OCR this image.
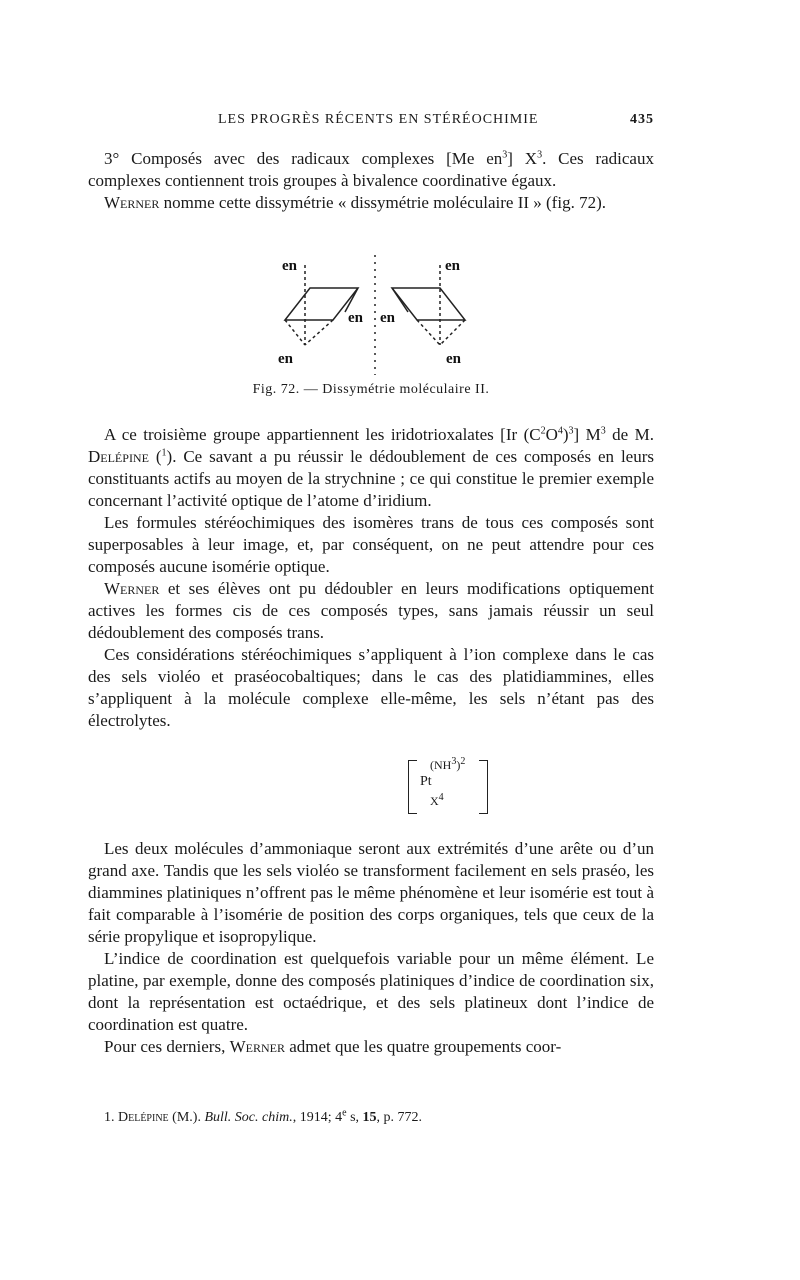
LES PROGRÈS RÉCENTS EN STÉRÉOCHIMIE	435

3° Composés avec des radicaux complexes [Me $en^3$] $X^3$. Ces radicaux complexes contiennent trois groupes à bivalence coordinative égaux.

Werner nomme cette dissymétrie « dissymétrie moléculaire II » (fig. 72).

en	en
en en
en	en
Fig. 72. — Dissymétrie moléculaire II.

A ce troisième groupe appartiennent les iridotrioxalates [Ir $(C^2O^4)^3$] $M^3$ de M. Delépine ($^1$). Ce savant a pu réussir le dédoublement de ces composés en leurs constituants actifs au moyen de la strychnine ; ce qui constitue le premier exemple concernant l’activité optique de l’atome d’iridium.

Les formules stéréochimiques des isomères trans de tous ces composés sont superposables à leur image, et, par conséquent, on ne peut attendre pour ces composés aucune isomérie optique.

Werner et ses élèves ont pu dédoubler en leurs modifications optiquement actives les formes cis de ces composés types, sans jamais réussir un seul dédoublement des composés trans.

Ces considérations stéréochimiques s’appliquent à l’ion complexe dans le cas des sels violéo et praséocobaltiques; dans le cas des platidiammines, elles s’appliquent à la molécule complexe elle-même, les sels n’étant pas des électrolytes.

$(NH^3)^2$
Pt
$X^4$

Les deux molécules d’ammoniaque seront aux extrémités d’une arête ou d’un grand axe. Tandis que les sels violéo se transforment facilement en sels praséo, les diammines platiniques n’offrent pas le même phénomène et leur isomérie est tout à fait comparable à l’isomérie de position des corps organiques, tels que ceux de la série propylique et isopropylique.

L’indice de coordination est quelquefois variable pour un même élément. Le platine, par exemple, donne des composés platiniques d’indice de coordination six, dont la représentation est octaédrique, et des sels platineux dont l’indice de coordination est quatre.

Pour ces derniers, Werner admet que les quatre groupements coor-

1. Delépine (M.). Bull. Soc. chim., 1914; 4e s, 15, p. 772.
